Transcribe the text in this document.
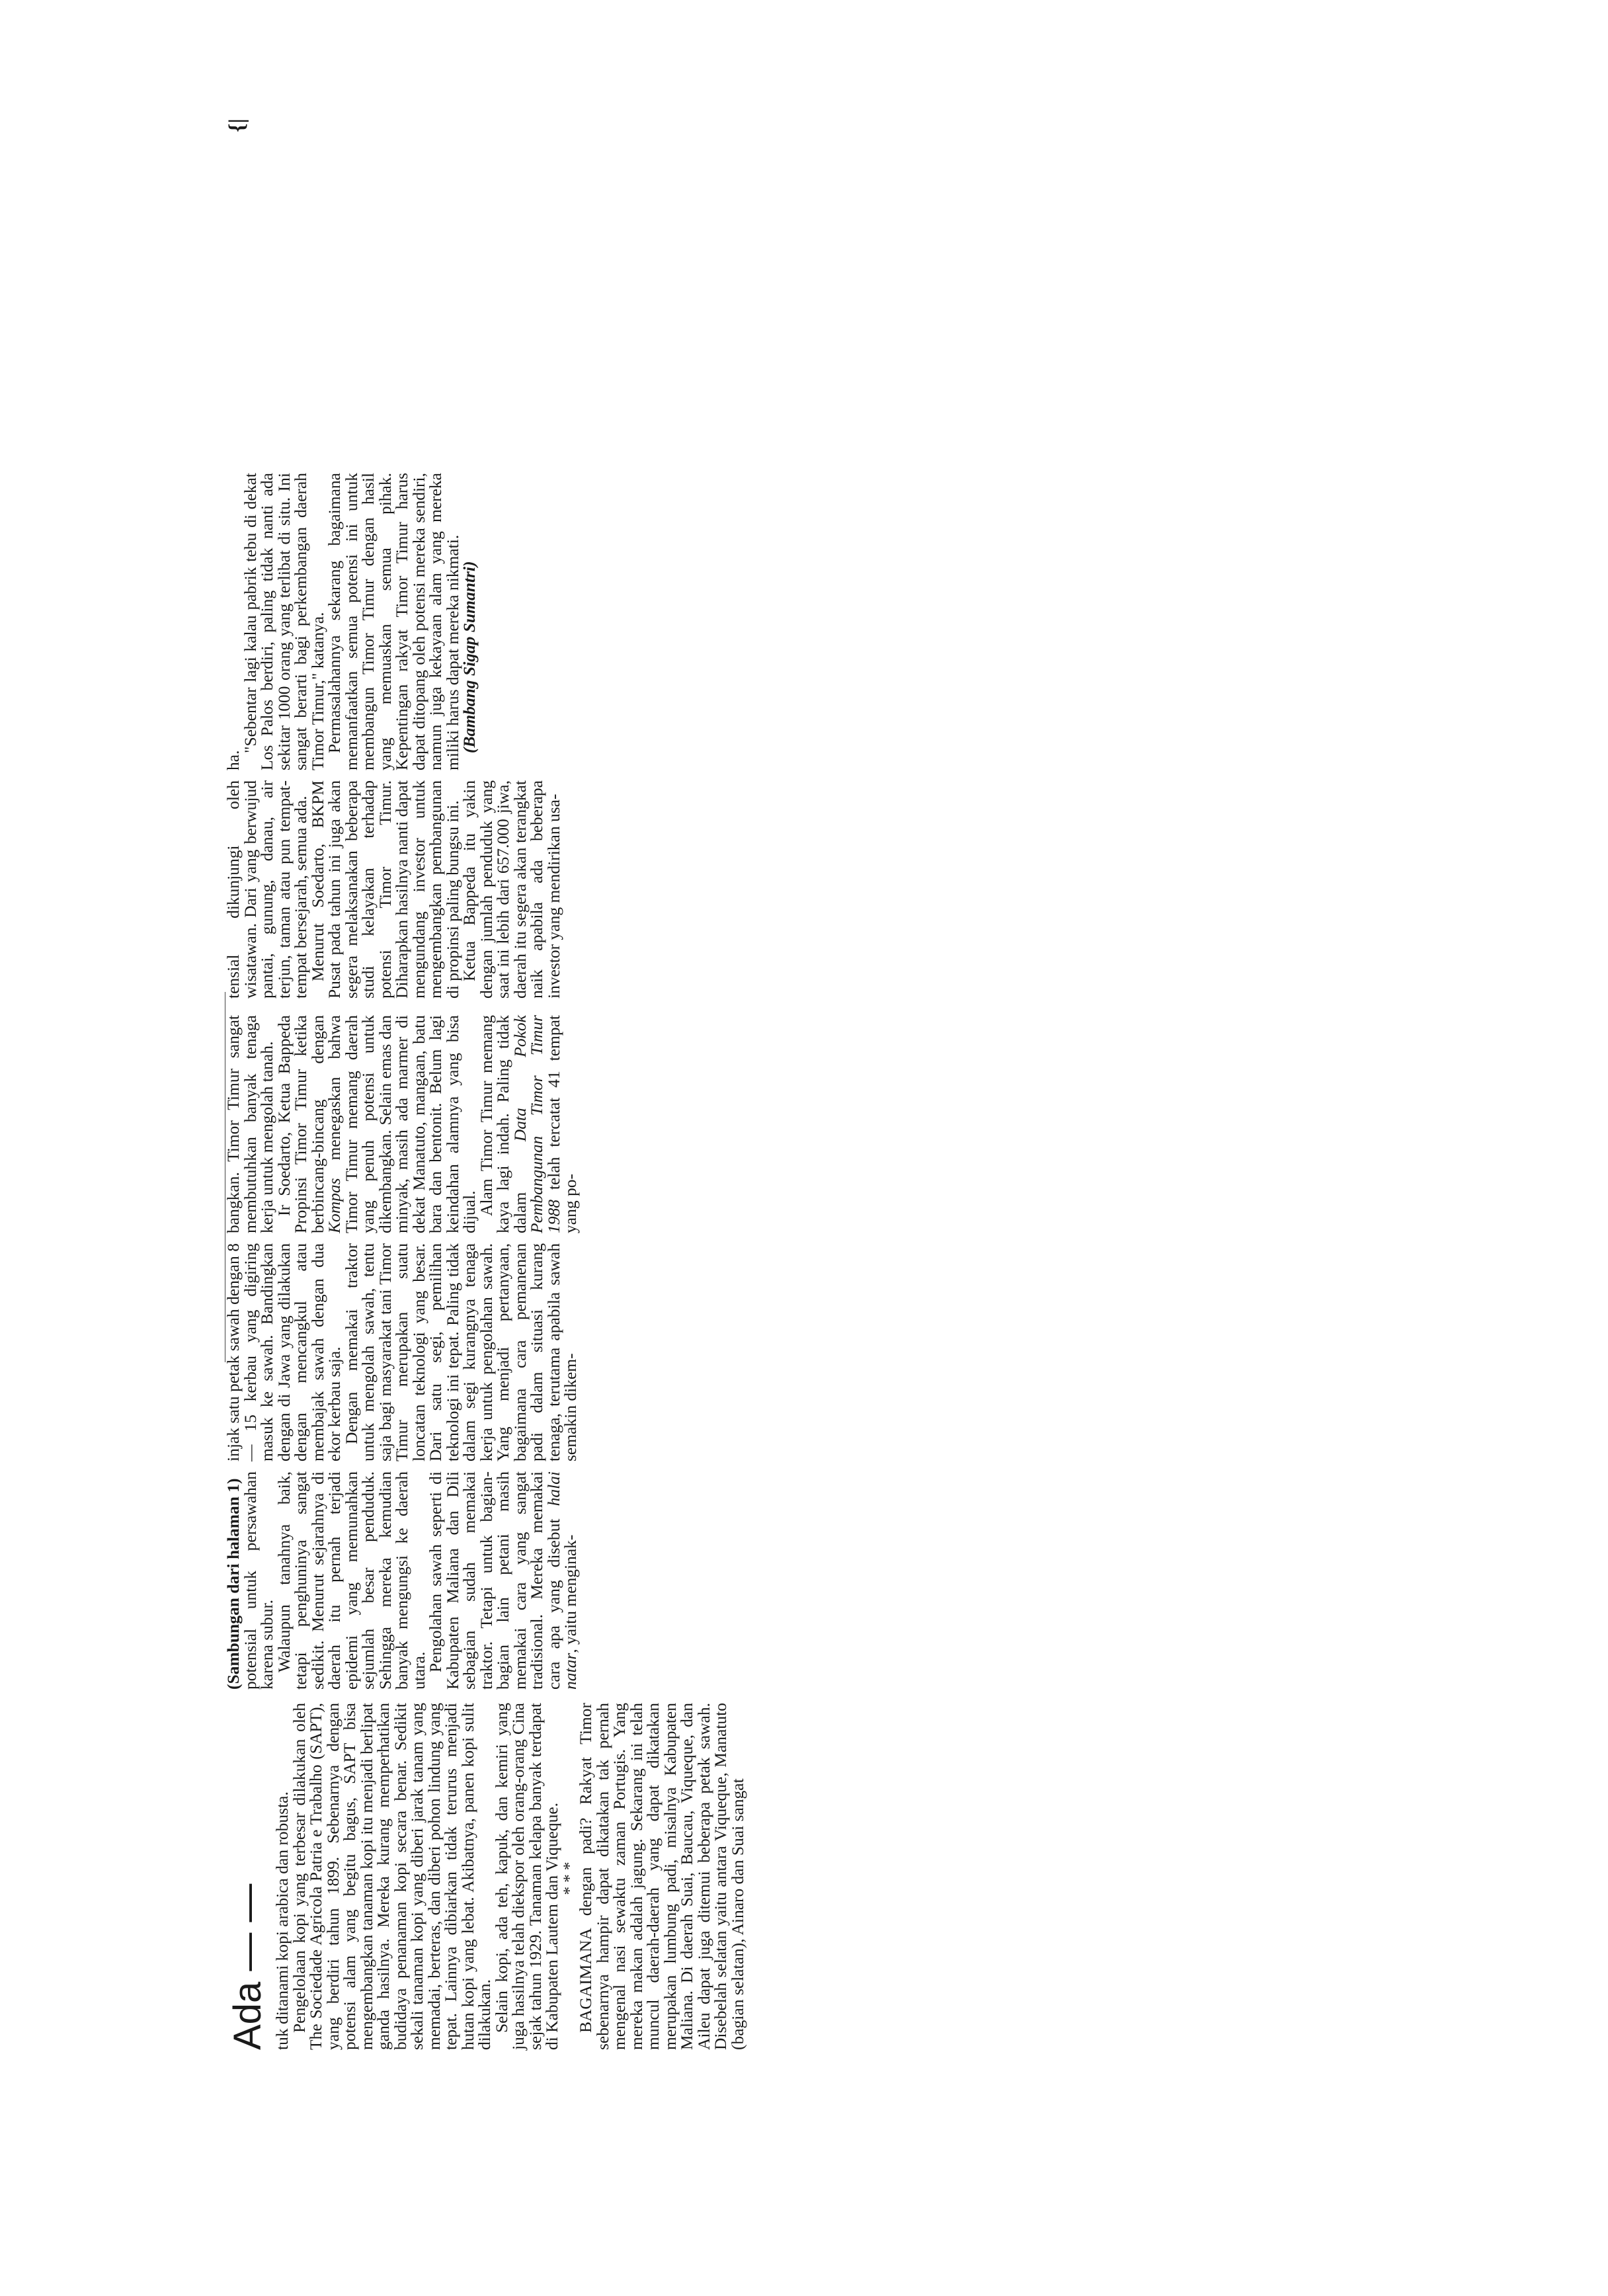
Ada — — tuk ditanami kopi arabica dan robusta.

Pengelolaan kopi yang terbesar dilakukan oleh The Sociedade Agricola Patria e Trabalho (SAPT), yang berdiri tahun 1899. Sebenarnya dengan potensi alam yang begitu bagus, SAPT bisa mengembangkan tanaman kopi itu menjadi berlipat ganda hasilnya. Mereka kurang memperhatikan budidaya penanaman kopi secara benar. Sedikit sekali tanaman kopi yang diberi jarak tanam yang memadai, berteras, dan diberi pohon lindung yang tepat. Lainnya dibiarkan tidak terurus menjadi hutan kopi yang lebat. Akibatnya, panen kopi sulit dilakukan.

Selain kopi, ada teh, kapuk, dan kemiri yang juga hasilnya telah diekspor oleh orang-orang Cina sejak tahun 1929. Tanaman kelapa banyak terdapat di Kabupaten Lautem dan Viqueque.

***

BAGAIMANA dengan padi? Rakyat Timor sebenarnya hampir dapat dikatakan tak pernah mengenal nasi sewaktu zaman Portugis. Yang mereka makan adalah jagung. Sekarang ini telah muncul daerah-daerah yang dapat dikatakan merupakan lumbung padi, misalnya Kabupaten Maliana. Di daerah Suai, Baucau, Viqueque, dan Aileu dapat juga ditemui beberapa petak sawah. Disebelah selatan yaitu antara Viqueque, Manatuto (bagian selatan), Ainaro dan Suai sangat

(Sambungan dari halaman 1)

potensial untuk persawahan karena subur.

Walaupun tanahnya baik, tetapi penghuninya sangat sedikit. Menurut sejarahnya di daerah itu pernah terjadi epidemi yang memunahkan sejumlah besar penduduk. Sehingga mereka kemudian banyak mengungsi ke daerah utara.

Pengolahan sawah seperti di Kabupaten Maliana dan Dili sebagian sudah memakai traktor. Tetapi untuk bagian-bagian lain petani masih memakai cara yang sangat tradisional. Mereka memakai cara apa yang disebut halai natar, yaitu menginak-

injak satu petak sawah dengan 8 — 15 kerbau yang digiring masuk ke sawah. Bandingkan dengan di Jawa yang dilakukan dengan mencangkul atau membajak sawah dengan dua ekor kerbau saja.

Dengan memakai traktor untuk mengolah sawah, tentu saja bagi masyarakat tani Timor Timur merupakan suatu loncatan teknologi yang besar. Dari satu segi, pemilihan teknologi ini tepat. Paling tidak dalam segi kurangnya tenaga kerja untuk pengolahan sawah. Yang menjadi pertanyaan, bagaimana cara pemanenan padi dalam situasi kurang tenaga, terutama apabila sawah semakin dikem-

bangkan. Timor Timur sangat membutuhkan banyak tenaga kerja untuk mengolah tanah.

Ir Soedarto, Ketua Bappeda Propinsi Timor Timur ketika berbincang-bincang dengan Kompas menegaskan bahwa Timor Timur memang daerah yang penuh potensi untuk dikembangkan. Selain emas dan minyak, masih ada marmer di dekat Manatuto, mangaan, batu bara dan bentonit. Belum lagi keindahan alamnya yang bisa dijual.

Alam Timor Timur memang kaya lagi indah. Paling tidak dalam Data Pokok Pembangunan Timor Timur 1988 telah tercatat 41 tempat yang po-

tensial dikunjungi oleh wisatawan. Dari yang berwujud pantai, gunung, danau, air terjun, taman atau pun tempat-tempat bersejarah, semua ada.

Menurut Soedarto, BKPM Pusat pada tahun ini juga akan segera melaksanakan beberapa studi kelayakan terhadap potensi Timor Timur. Diharapkan hasilnya nanti dapat mengundang investor untuk mengembangkan pembangunan di propinsi paling bungsu ini.

Ketua Bappeda itu yakin dengan jumlah penduduk yang saat ini lebih dari 657.000 jiwa, daerah itu segera akan terangkat naik apabila ada beberapa investor yang mendirikan usa-

ha.

"Sebentar lagi kalau pabrik tebu di dekat Los Palos berdiri, paling tidak nanti ada sekitar 1000 orang yang terlibat di situ. Ini sangat berarti bagi perkembangan daerah Timor Timur," katanya.

Permasalahannya sekarang bagaimana memanfaatkan semua potensi ini untuk membangun Timor Timur dengan hasil yang memuaskan semua pihak. Kepentingan rakyat Timor Timur harus dapat ditopang oleh potensi mereka sendiri, namun juga kekayaan alam yang mereka miliki harus dapat mereka nikmati.

(Bambang Sigap Sumantri)

{|
